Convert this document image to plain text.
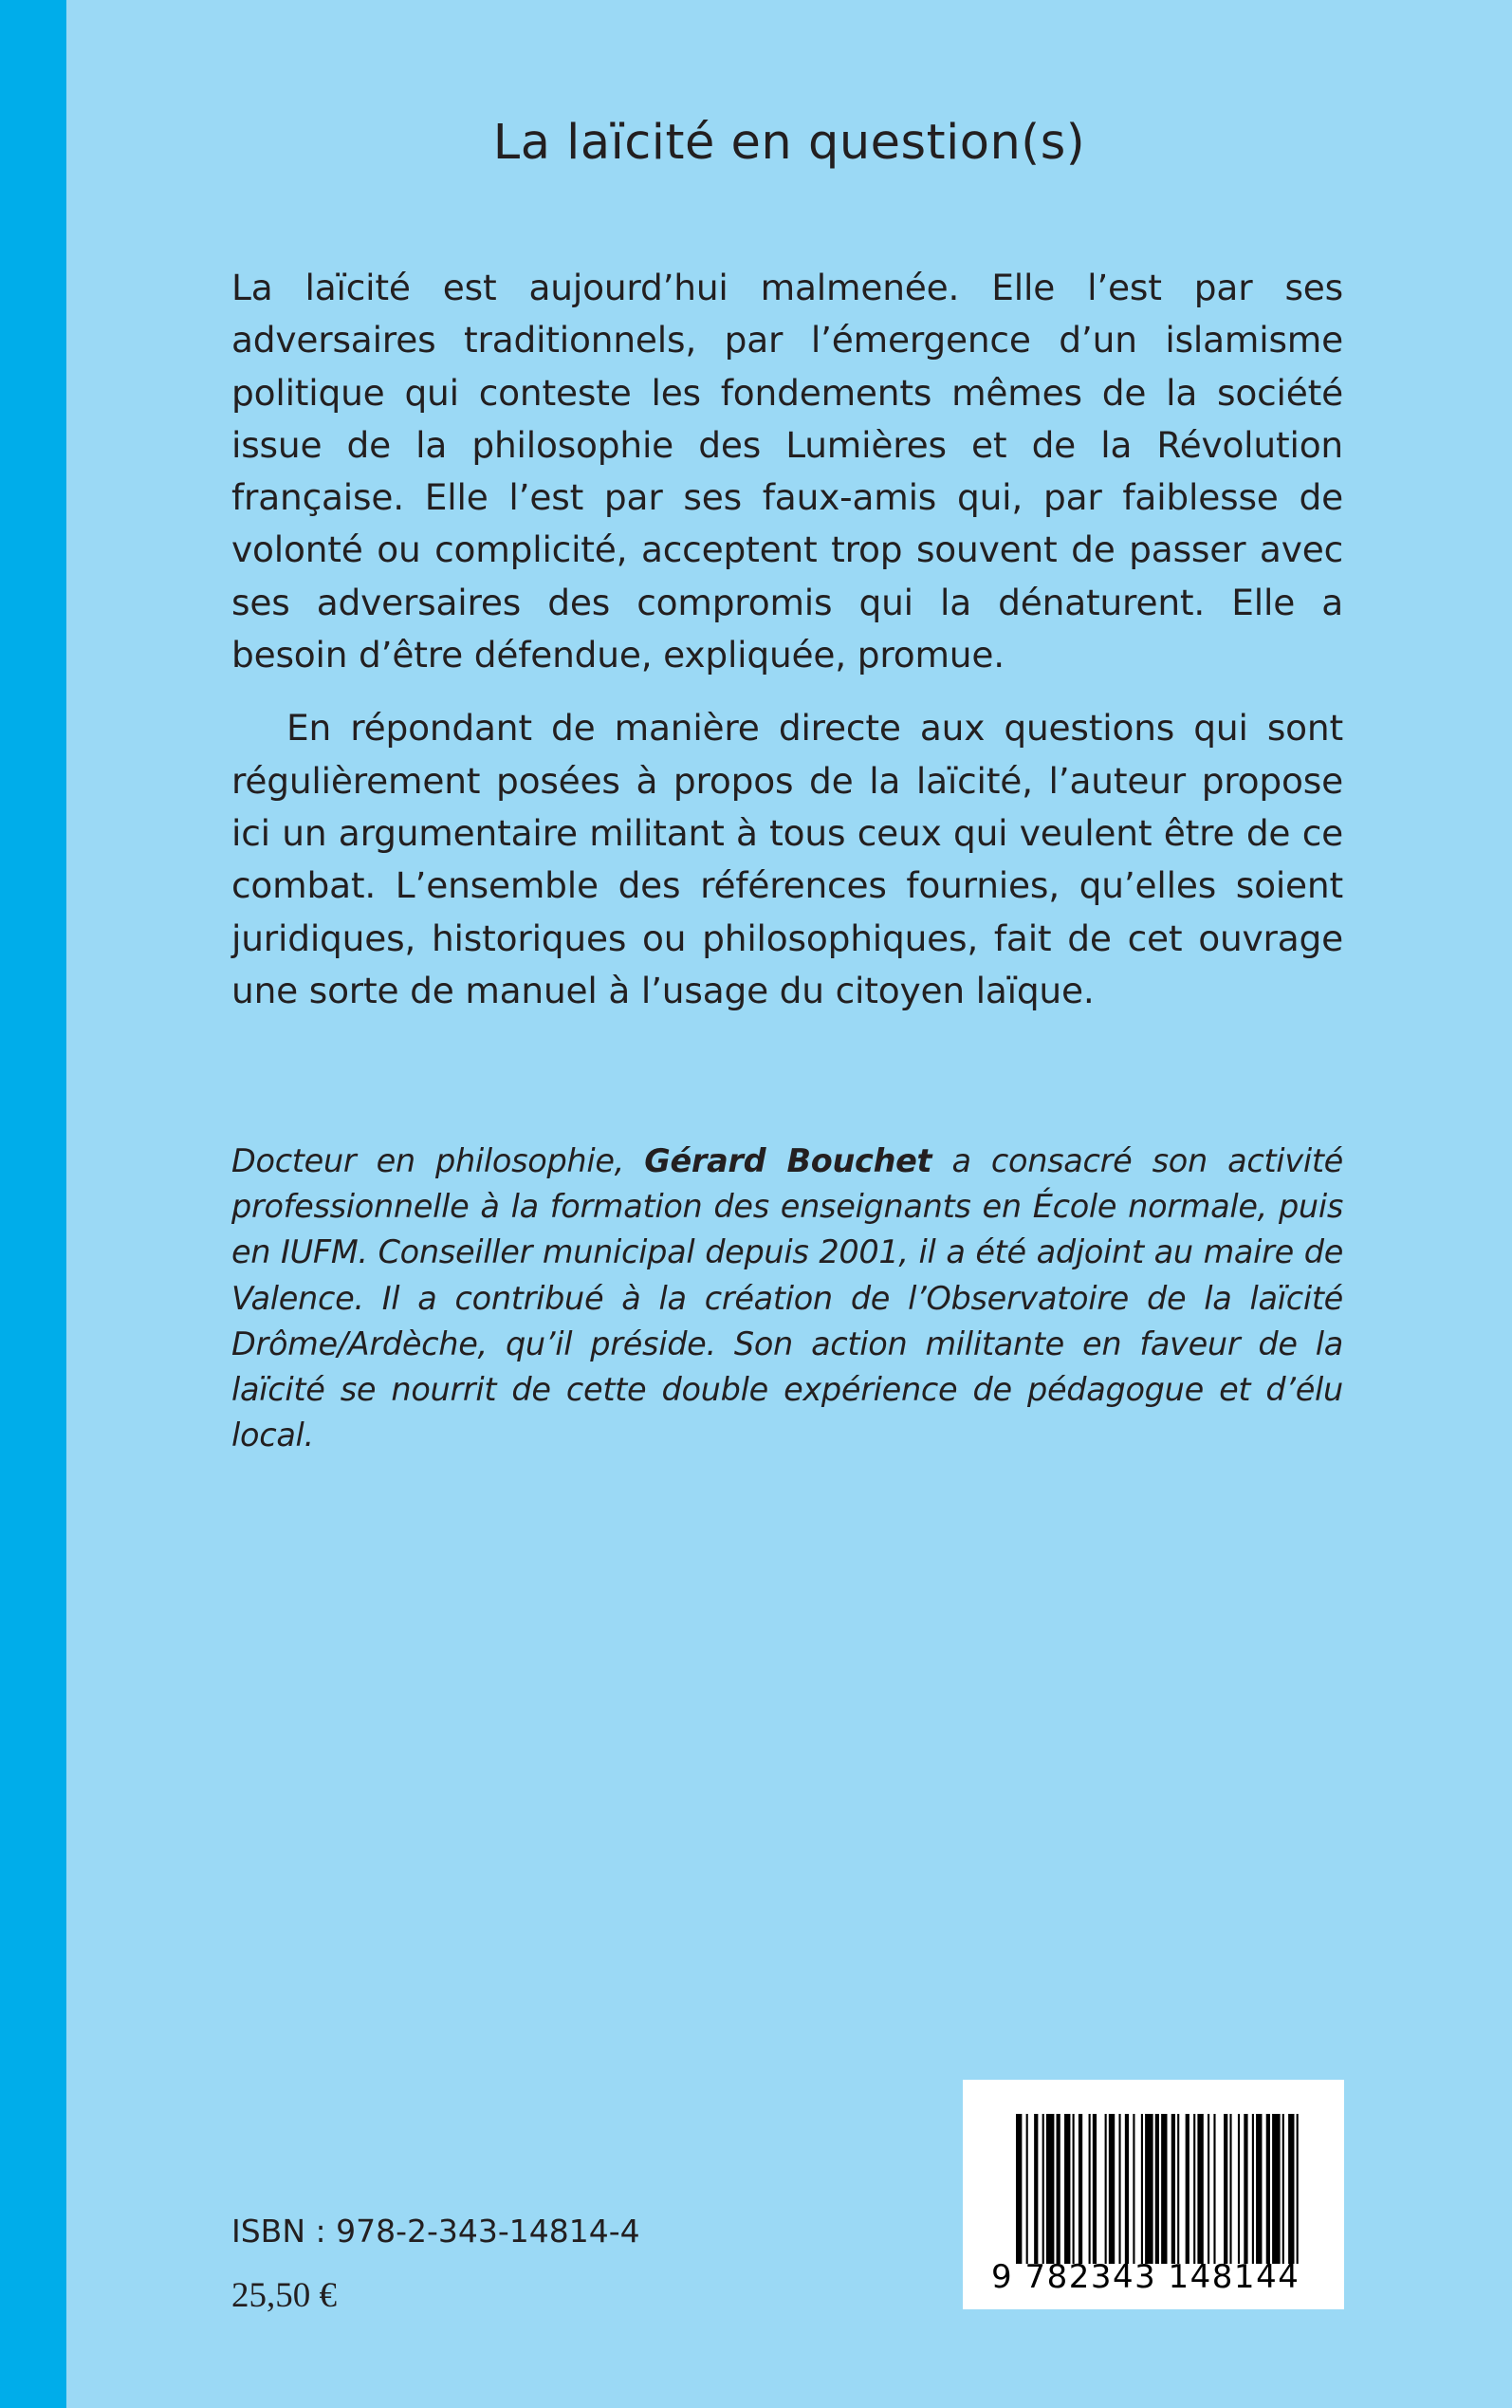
La laïcité en question(s)

La laïcité est aujourd’hui malmenée. Elle l’est par ses adversaires traditionnels, par l’émergence d’un islamisme politique qui conteste les fondements mêmes de la société issue de la philosophie des Lumières et de la Révolution française. Elle l’est par ses faux-amis qui, par faiblesse de volonté ou complicité, acceptent trop souvent de passer avec ses adversaires des compromis qui la dénaturent. Elle a besoin d’être défendue, expliquée, promue.

En répondant de manière directe aux questions qui sont régulièrement posées à propos de la laïcité, l’auteur propose ici un argumentaire militant à tous ceux qui veulent être de ce combat. L’ensemble des références fournies, qu’elles soient juridiques, historiques ou philosophiques, fait de cet ouvrage une sorte de manuel à l’usage du citoyen laïque.

Docteur en philosophie, Gérard Bouchet a consacré son activité professionnelle à la formation des enseignants en École normale, puis en IUFM. Conseiller municipal depuis 2001, il a été adjoint au maire de Valence. Il a contribué à la création de l’Observatoire de la laïcité Drôme/Ardèche, qu’il préside. Son action militante en faveur de la laïcité se nourrit de cette double expérience de pédagogue et d’élu local.

ISBN : 978-2-343-14814-4

25,50 €	9 782343 148144
